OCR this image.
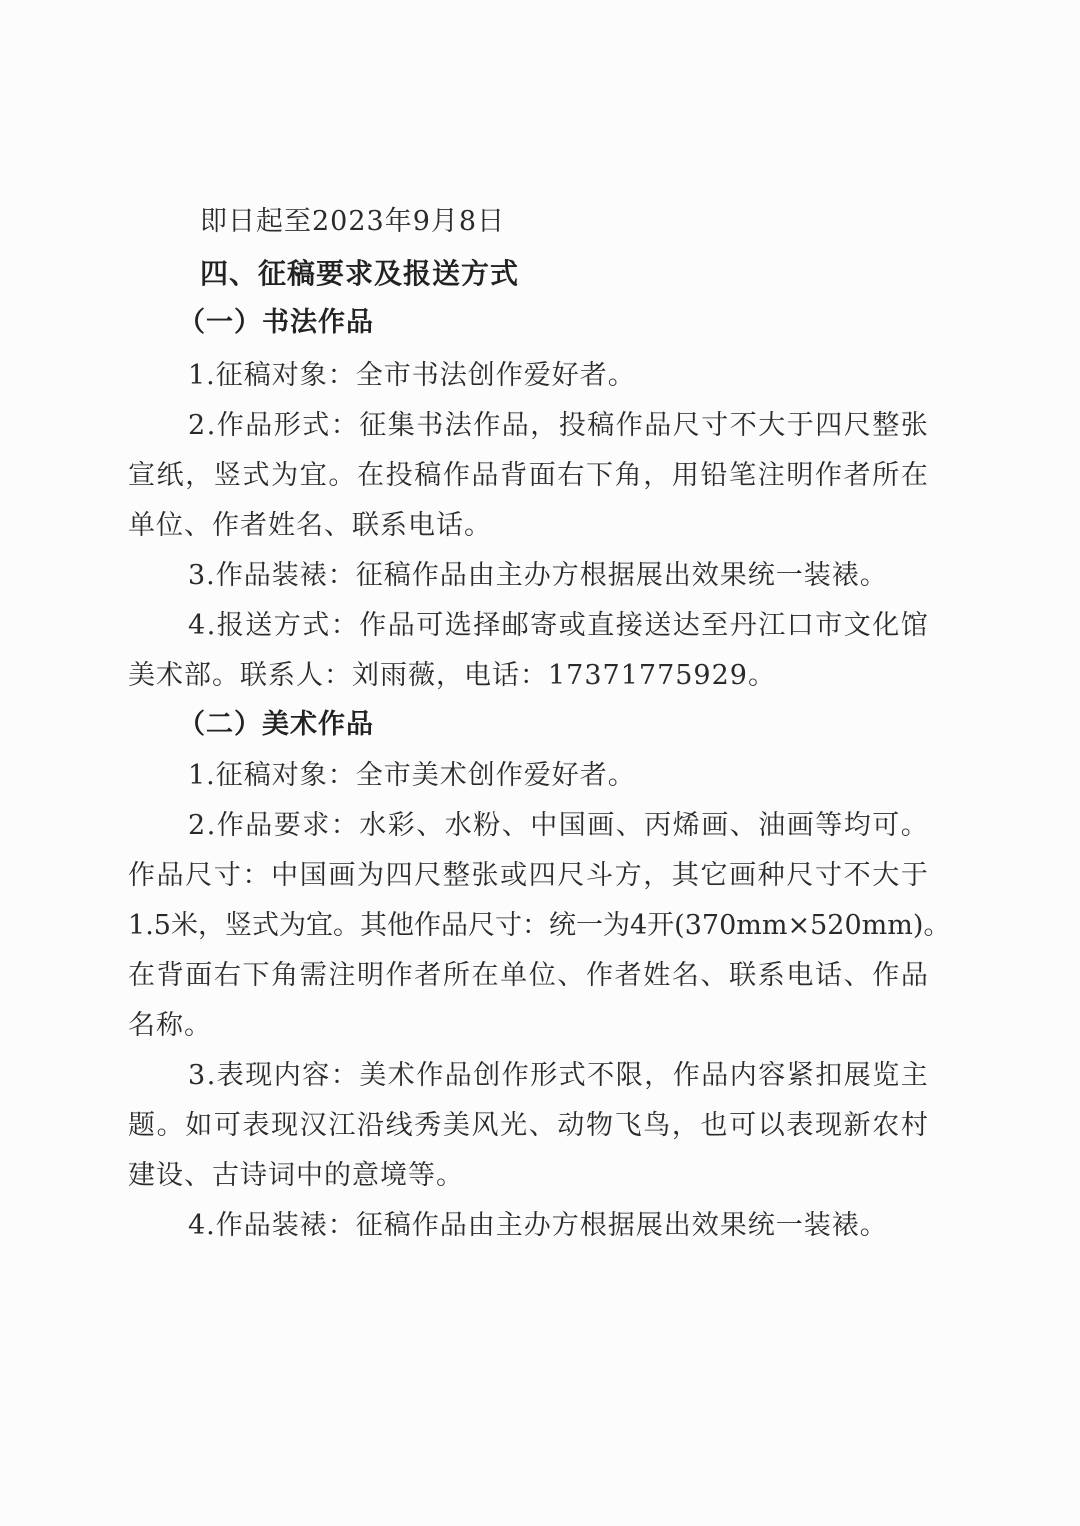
即日起至2023年9月8日
四、征稿要求及报送方式
（一）书法作品
1.征稿对象：全市书法创作爱好者。
2 . 作 品 形 式 ： 征 集 书 法 作 品 ， 投 稿 作 品 尺 寸 不 大 于 四 尺 整 张
宣 纸 ， 竖 式 为 宜 。 在 投 稿 作 品 背 面 右 下 角 ， 用 铅 笔 注 明 作 者 所 在
单位、作者姓名、联系电话。
3.作品装裱：征稿作品由主办方根据展出效果统一装裱。
4 . 报 送 方 式 ： 作 品 可 选 择 邮 寄 或 直 接 送 达 至 丹 江 口 市 文 化 馆
美术部。联系人：刘雨薇，电话：17371775929。
（二）美术作品
1.征稿对象：全市美术创作爱好者。
2 . 作 品 要 求 ： 水 彩 、 水 粉 、 中 国 画 、 丙 烯 画 、 油 画 等 均 可 。
作 品 尺 寸 ： 中 国 画 为 四 尺 整 张 或 四 尺 斗 方 ， 其 它 画 种 尺 寸 不 大 于
1 . 5 米 ， 竖 式 为 宜 。 其 他 作 品 尺 寸 ： 统 一 为 4 开 ( 3 7 0 m m × 5 2 0 m m ) 。
在 背 面 右 下 角 需 注 明 作 者 所 在 单 位 、 作 者 姓 名 、 联 系 电 话 、 作 品
名称。
3 . 表 现 内 容 ： 美 术 作 品 创 作 形 式 不 限 ， 作 品 内 容 紧 扣 展 览 主
题 。 如 可 表 现 汉 江 沿 线 秀 美 风 光 、 动 物 飞 鸟 ， 也 可 以 表 现 新 农 村
建设、古诗词中的意境等。
4.作品装裱：征稿作品由主办方根据展出效果统一装裱。
